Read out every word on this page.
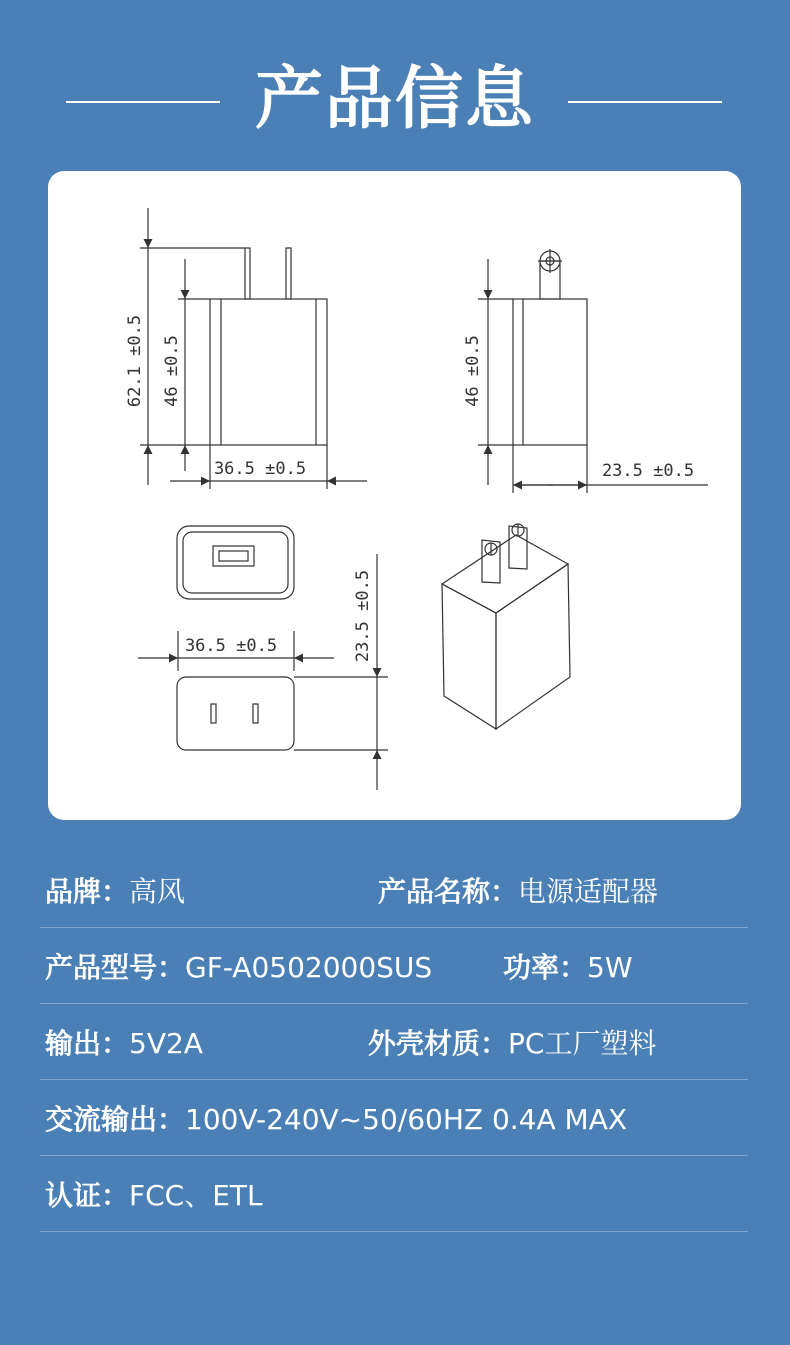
产品信息
62.1 ±0.5 46 ±0.5
36.5 ±0.5
46 ±0.5
23.5 ±0.5
36.5 ±0.5	23.5 ±0.5
品牌：高风	产品名称：电源适配器
产品型号：GF-A0502000SUS	功率：5W
输出：5V2A	外壳材质：PC工厂塑料
交流输出：100V-240V~50/60HZ 0.4A MAX
认证：FCC、ETL
